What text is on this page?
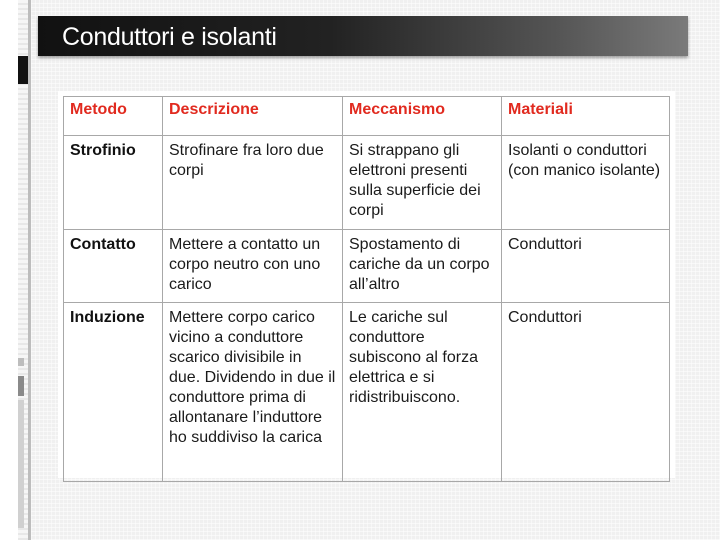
Conduttori e isolanti
Metodo	Descrizione	Meccanismo	Materiali
Strofinio	Strofinare fra loro due corpi	Si strappano gli elettroni presenti sulla superficie dei corpi	Isolanti o conduttori (con manico isolante)
Contatto	Mettere a contatto un corpo neutro con uno carico	Spostamento di cariche da un corpo all’altro	Conduttori
Induzione	Mettere corpo carico vicino a conduttore scarico divisibile in due. Dividendo in due il conduttore prima di allontanare l’induttore ho suddiviso la carica	Le cariche sul conduttore subiscono al forza elettrica e si ridistribuiscono.	Conduttori
